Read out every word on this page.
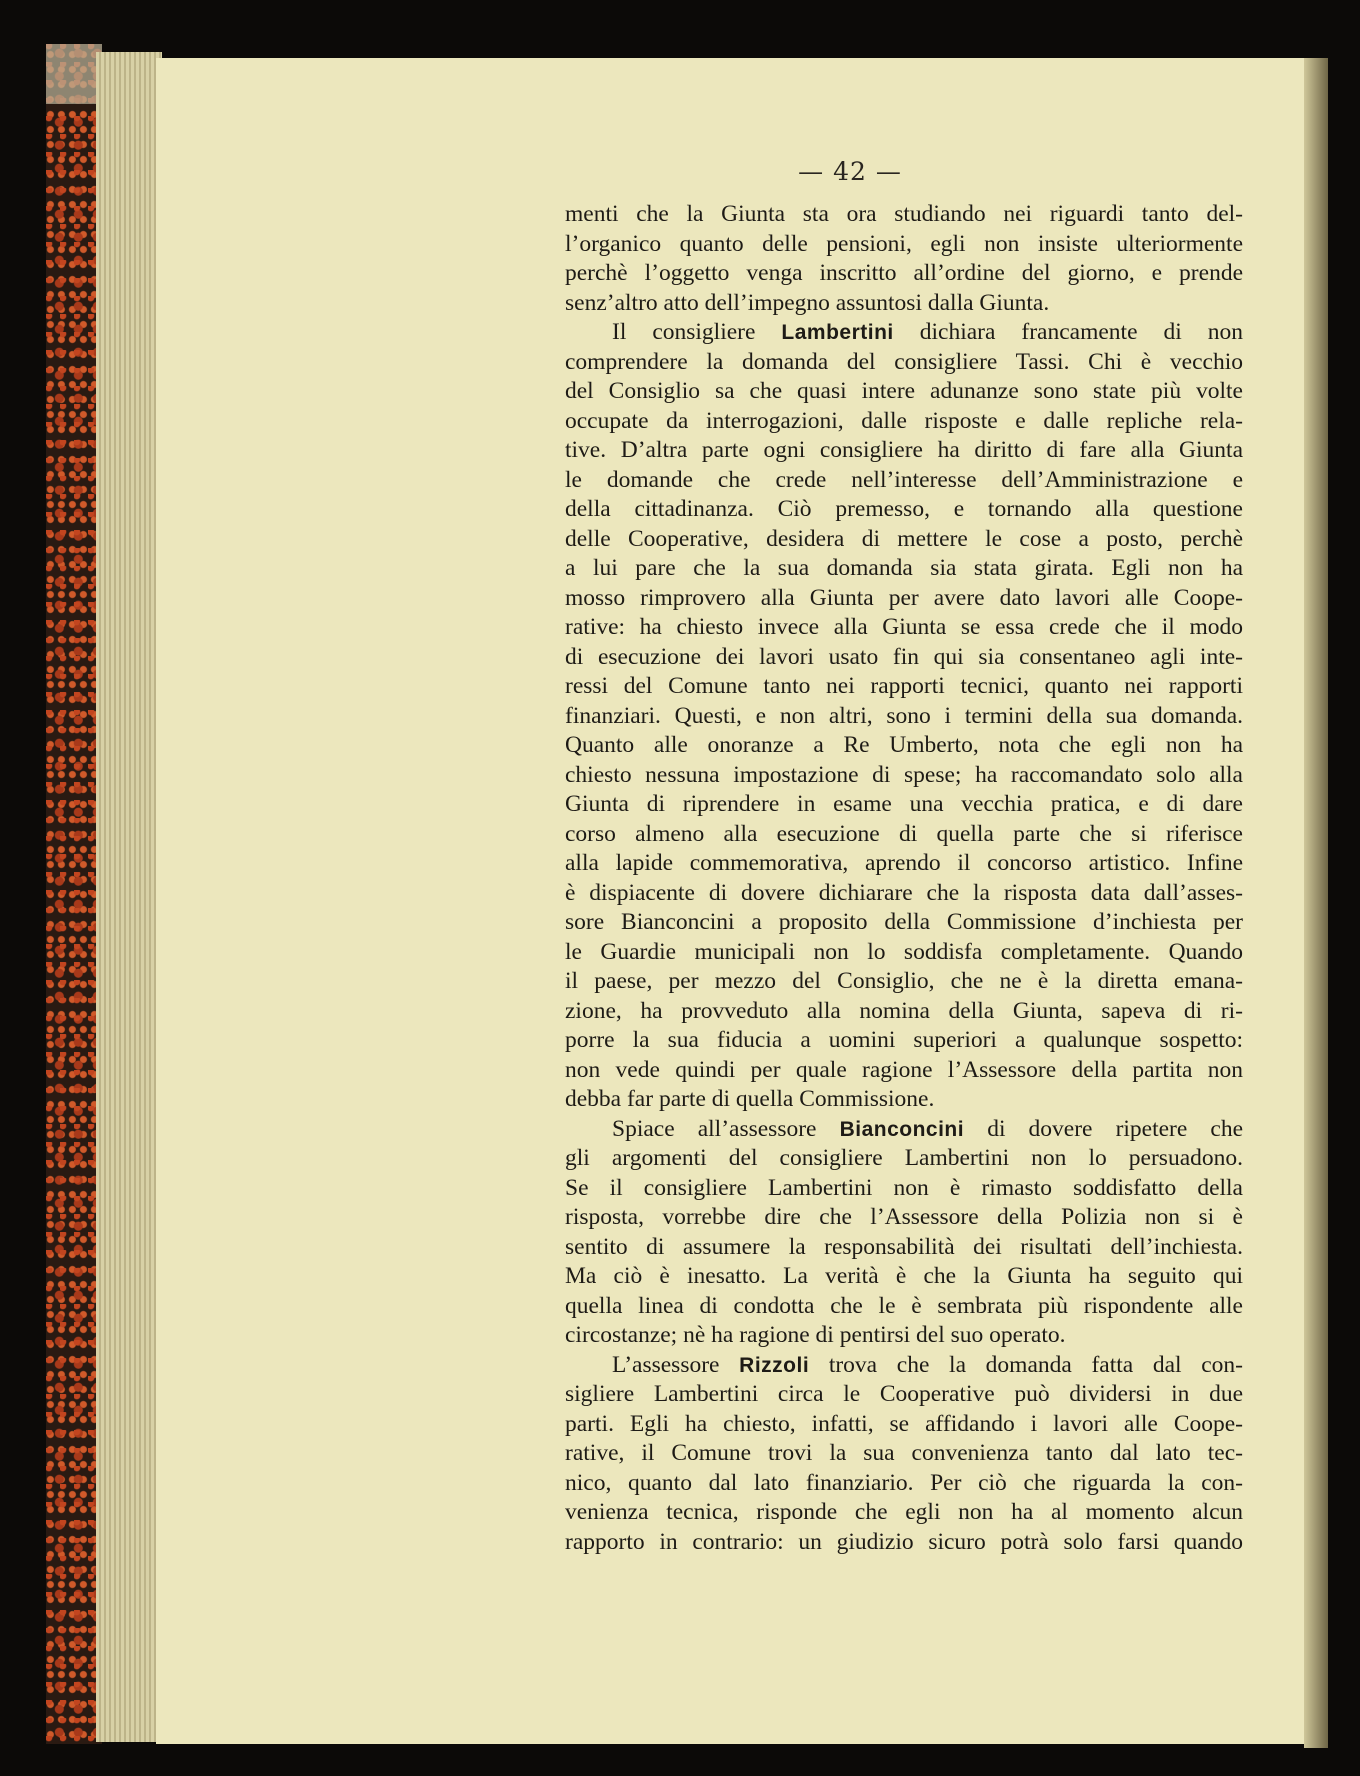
— 42 —

menti che la Giunta sta ora studiando nei riguardi tanto del-

l’organico quanto delle pensioni, egli non insiste ulteriormente

perchè l’oggetto venga inscritto all’ordine del giorno, e prende

senz’altro atto dell’impegno assuntosi dalla Giunta.

Il consigliere Lambertini dichiara francamente di non

comprendere la domanda del consigliere Tassi. Chi è vecchio

del Consiglio sa che quasi intere adunanze sono state più volte

occupate da interrogazioni, dalle risposte e dalle repliche rela-

tive. D’altra parte ogni consigliere ha diritto di fare alla Giunta

le domande che crede nell’interesse dell’Amministrazione e

della cittadinanza. Ciò premesso, e tornando alla questione

delle Cooperative, desidera di mettere le cose a posto, perchè

a lui pare che la sua domanda sia stata girata. Egli non ha

mosso rimprovero alla Giunta per avere dato lavori alle Coope-

rative: ha chiesto invece alla Giunta se essa crede che il modo

di esecuzione dei lavori usato fin qui sia consentaneo agli inte-

ressi del Comune tanto nei rapporti tecnici, quanto nei rapporti

finanziari. Questi, e non altri, sono i termini della sua domanda.

Quanto alle onoranze a Re Umberto, nota che egli non ha

chiesto nessuna impostazione di spese; ha raccomandato solo alla

Giunta di riprendere in esame una vecchia pratica, e di dare

corso almeno alla esecuzione di quella parte che si riferisce

alla lapide commemorativa, aprendo il concorso artistico. Infine

è dispiacente di dovere dichiarare che la risposta data dall’asses-

sore Bianconcini a proposito della Commissione d’inchiesta per

le Guardie municipali non lo soddisfa completamente. Quando

il paese, per mezzo del Consiglio, che ne è la diretta emana-

zione, ha provveduto alla nomina della Giunta, sapeva di ri-

porre la sua fiducia a uomini superiori a qualunque sospetto:

non vede quindi per quale ragione l’Assessore della partita non

debba far parte di quella Commissione.

Spiace all’assessore Bianconcini di dovere ripetere che

gli argomenti del consigliere Lambertini non lo persuadono.

Se il consigliere Lambertini non è rimasto soddisfatto della

risposta, vorrebbe dire che l’Assessore della Polizia non si è

sentito di assumere la responsabilità dei risultati dell’inchiesta.

Ma ciò è inesatto. La verità è che la Giunta ha seguito qui

quella linea di condotta che le è sembrata più rispondente alle

circostanze; nè ha ragione di pentirsi del suo operato.

L’assessore Rizzoli trova che la domanda fatta dal con-

sigliere Lambertini circa le Cooperative può dividersi in due

parti. Egli ha chiesto, infatti, se affidando i lavori alle Coope-

rative, il Comune trovi la sua convenienza tanto dal lato tec-

nico, quanto dal lato finanziario. Per ciò che riguarda la con-

venienza tecnica, risponde che egli non ha al momento alcun

rapporto in contrario: un giudizio sicuro potrà solo farsi quando
